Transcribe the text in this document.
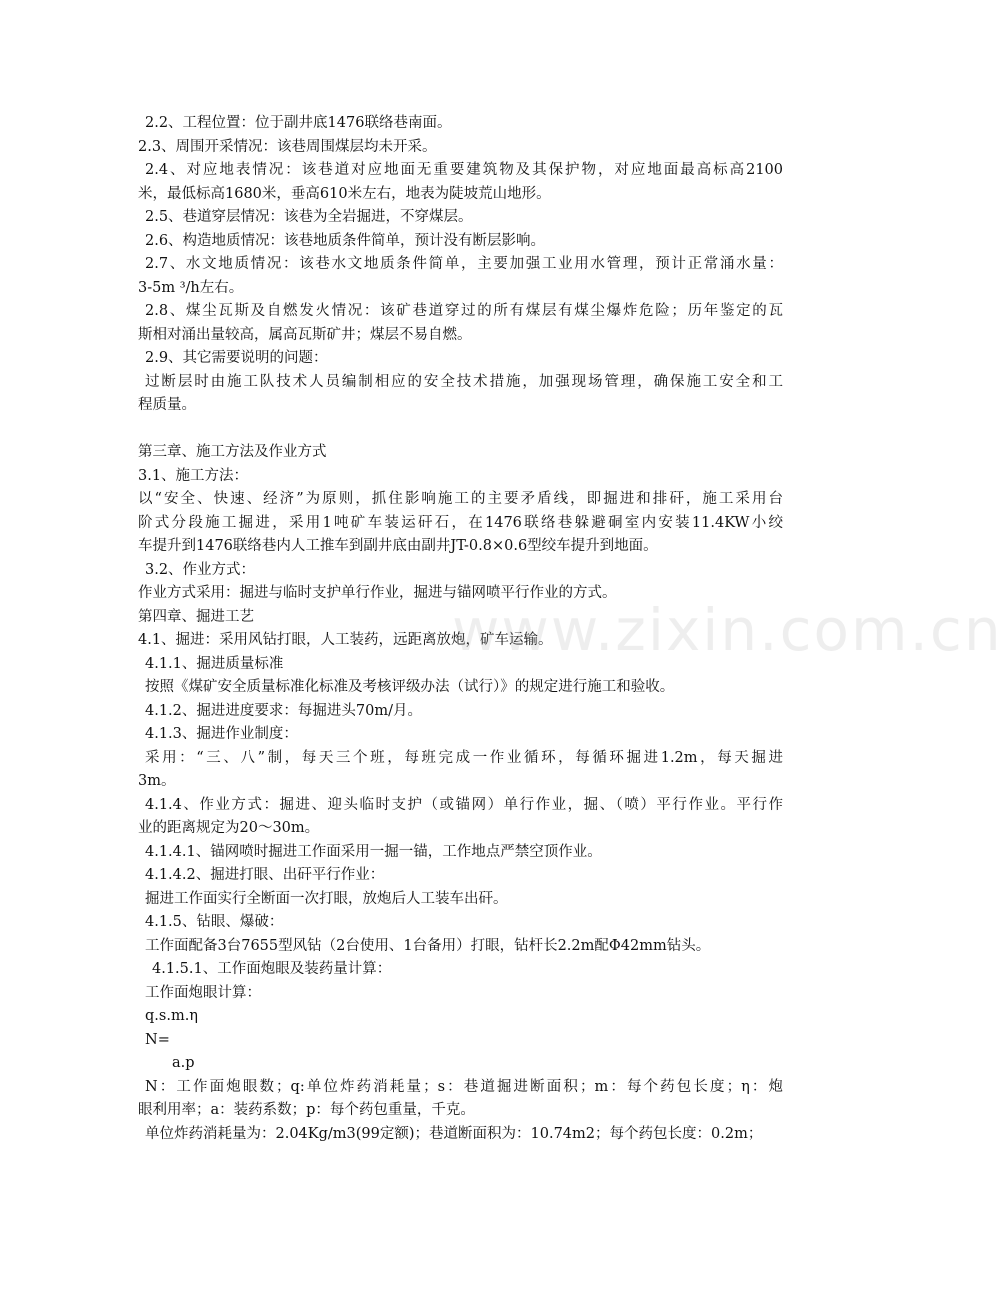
2.2、工程位置：位于副井底1476联络巷南面。
2.3、周围开采情况：该巷周围煤层均未开采。
2.4、对应地表情况：该巷道对应地面无重要建筑物及其保护物，对应地面最高标高2100
米，最低标高1680米，垂高610米左右，地表为陡坡荒山地形。
2.5、巷道穿层情况：该巷为全岩掘进，不穿煤层。
2.6、构造地质情况：该巷地质条件简单，预计没有断层影响。
2.7、水文地质情况：该巷水文地质条件简单，主要加强工业用水管理，预计正常涌水量：
3-5m ³/h左右。
2.8、煤尘瓦斯及自燃发火情况：该矿巷道穿过的所有煤层有煤尘爆炸危险；历年鉴定的瓦
斯相对涌出量较高，属高瓦斯矿井；煤层不易自燃。
2.9、其它需要说明的问题：
过断层时由施工队技术人员编制相应的安全技术措施，加强现场管理，确保施工安全和工
程质量。
第三章、施工方法及作业方式
3.1、施工方法：
以“安全、快速、经济”为原则，抓住影响施工的主要矛盾线，即掘进和排矸，施工采用台
阶式分段施工掘进，采用1吨矿车装运矸石，在1476联络巷躲避硐室内安装11.4KW小绞
车提升到1476联络巷内人工推车到副井底由副井JT-0.8×0.6型绞车提升到地面。
3.2、作业方式：
作业方式采用：掘进与临时支护单行作业，掘进与锚网喷平行作业的方式。
第四章、掘进工艺
4.1、掘进：采用风钻打眼，人工装药，远距离放炮，矿车运输。
4.1.1、掘进质量标准
按照《煤矿安全质量标准化标准及考核评级办法（试行）》的规定进行施工和验收。
4.1.2、掘进进度要求：每掘进头70m/月。
4.1.3、掘进作业制度：
采用：“三、八”制，每天三个班，每班完成一作业循环，每循环掘进1.2m，每天掘进
3m。
4.1.4、作业方式：掘进、迎头临时支护（或锚网）单行作业，掘、（喷）平行作业。平行作
业的距离规定为20～30m。
4.1.4.1、锚网喷时掘进工作面采用一掘一锚，工作地点严禁空顶作业。
4.1.4.2、掘进打眼、出矸平行作业：
掘进工作面实行全断面一次打眼，放炮后人工装车出矸。
4.1.5、钻眼、爆破：
工作面配备3台7655型风钻（2台使用、1台备用）打眼，钻杆长2.2m配Φ42mm钻头。
4.1.5.1、工作面炮眼及装药量计算：
工作面炮眼计算：
q.s.m.η
N=
a.p
N：工作面炮眼数；q:单位炸药消耗量；s：巷道掘进断面积；m：每个药包长度；η：炮
眼利用率；a：装药系数；p：每个药包重量，千克。
单位炸药消耗量为：2.04Kg/m3(99定额)；巷道断面积为：10.74m2；每个药包长度：0.2m；
www.zixin.com.cn
